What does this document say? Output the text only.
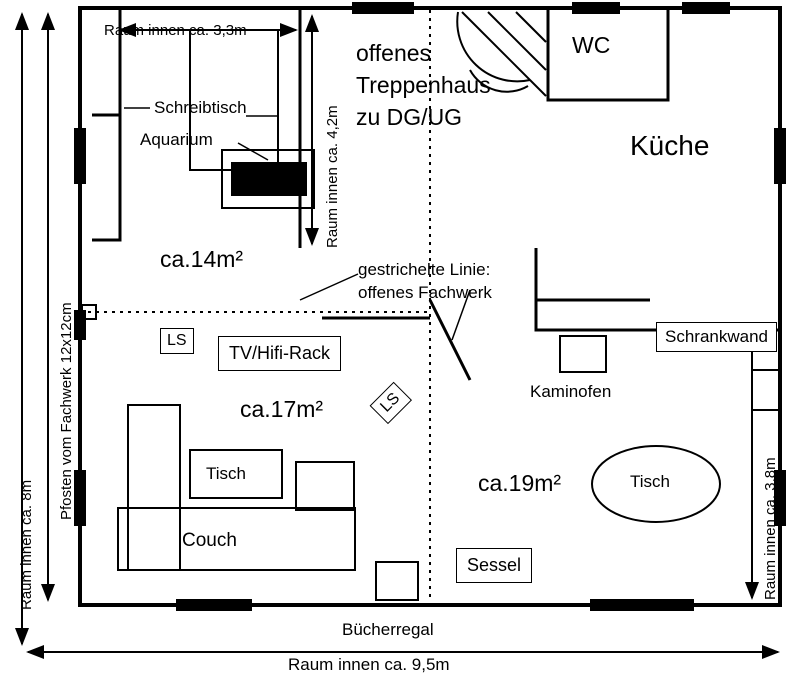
Raum innen ca. 3,3m
Raum innen ca. 4,2m
Raum innen ca. 8m
Pfosten vom Fachwerk 12x12cm
Raum innen ca. 3,8m
Raum innen ca. 9,5m
offenes
Treppenhaus
zu DG/UG
WC
Küche
ca.14m²
ca.17m²
ca.19m²
Schreibtisch
Aquarium
LS
LS
TV/Hifi-Rack
Tisch
Couch
Sessel
Bücherregal
Kaminofen
Schrankwand
Tisch
gestrichelte Linie:
offenes Fachwerk
